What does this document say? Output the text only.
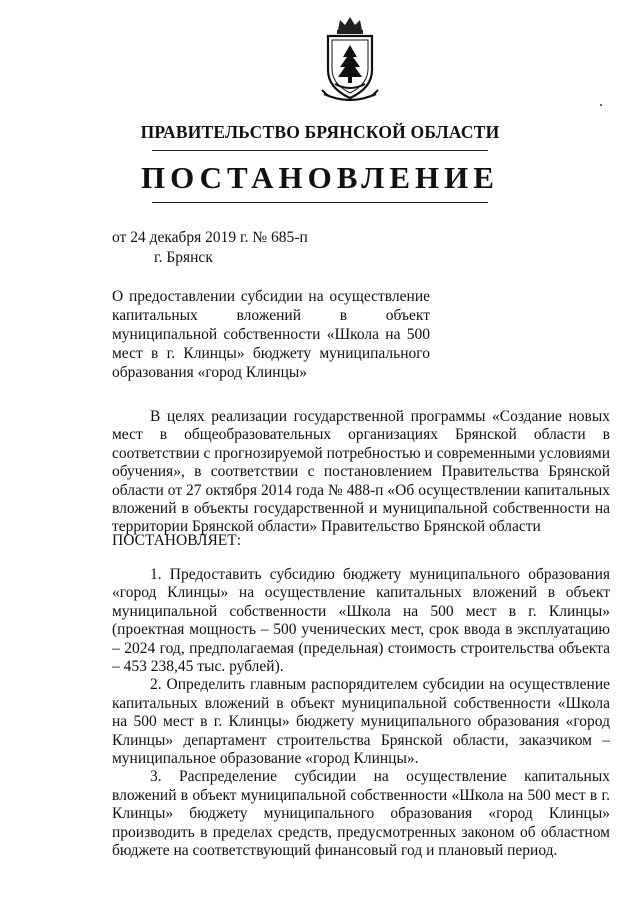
ПРАВИТЕЛЬСТВО БРЯНСКОЙ ОБЛАСТИ
ПОСТАНОВЛЕНИЕ
от 24 декабря 2019 г. № 685-п
г. Брянск
О предоставлении субсидии на осуществление капитальных вложений в объект муниципальной собственности «Школа на 500 мест в г. Клинцы» бюджету муниципального образования «город Клинцы»

В целях реализации государственной программы «Создание новых мест в общеобразовательных организациях Брянской области в соответствии с прогнозируемой потребностью и современными условиями обучения», в соответствии с постановлением Правительства Брянской области от 27 октября 2014 года № 488-п «Об осуществлении капитальных вложений в объекты государственной и муниципальной собственности на территории Брянской области» Правительство Брянской области

ПОСТАНОВЛЯЕТ:

1. Предоставить субсидию бюджету муниципального образования «город Клинцы» на осуществление капитальных вложений в объект муниципальной собственности «Школа на 500 мест в г. Клинцы» (проектная мощность – 500 ученических мест, срок ввода в эксплуатацию – 2024 год, предполагаемая (предельная) стоимость строительства объекта – 453 238,45 тыс. рублей).

2. Определить главным распорядителем субсидии на осуществление капитальных вложений в объект муниципальной собственности «Школа на 500 мест в г. Клинцы» бюджету муниципального образования «город Клинцы» департамент строительства Брянской области, заказчиком – муниципальное образование «город Клинцы».

3. Распределение субсидии на осуществление капитальных вложений в объект муниципальной собственности «Школа на 500 мест в г. Клинцы» бюджету муниципального образования «город Клинцы» производить в пределах средств, предусмотренных законом об областном бюджете на соответствующий финансовый год и плановый период.
